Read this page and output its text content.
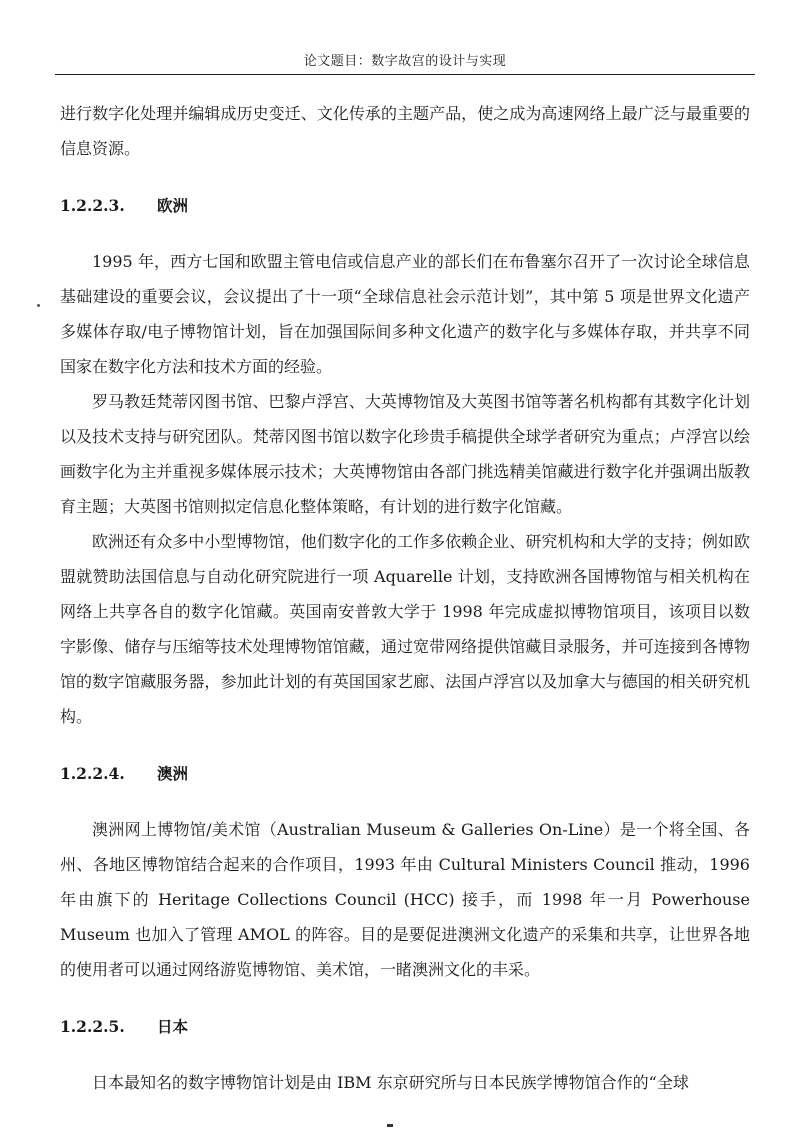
论文题目：数字故宫的设计与实现

进行数字化处理并编辑成历史变迁、文化传承的主题产品，使之成为高速网络上最广泛与最重要的信息资源。

1.2.2.3. 欧洲

1995 年，西方七国和欧盟主管电信或信息产业的部长们在布鲁塞尔召开了一次讨论全球信息基础建设的重要会议，会议提出了十一项“全球信息社会示范计划”，其中第 5 项是世界文化遗产多媒体存取/电子博物馆计划，旨在加强国际间多种文化遗产的数字化与多媒体存取，并共享不同国家在数字化方法和技术方面的经验。

罗马教廷梵蒂冈图书馆、巴黎卢浮宫、大英博物馆及大英图书馆等著名机构都有其数字化计划以及技术支持与研究团队。梵蒂冈图书馆以数字化珍贵手稿提供全球学者研究为重点；卢浮宫以绘画数字化为主并重视多媒体展示技术；大英博物馆由各部门挑选精美馆藏进行数字化并强调出版教育主题；大英图书馆则拟定信息化整体策略，有计划的进行数字化馆藏。

欧洲还有众多中小型博物馆，他们数字化的工作多依赖企业、研究机构和大学的支持；例如欧盟就赞助法国信息与自动化研究院进行一项 Aquarelle 计划，支持欧洲各国博物馆与相关机构在网络上共享各自的数字化馆藏。英国南安普敦大学于 1998 年完成虚拟博物馆项目，该项目以数字影像、储存与压缩等技术处理博物馆馆藏，通过宽带网络提供馆藏目录服务，并可连接到各博物馆的数字馆藏服务器，参加此计划的有英国国家艺廊、法国卢浮宫以及加拿大与德国的相关研究机构。

1.2.2.4. 澳洲

澳洲网上博物馆/美术馆（Australian Museum & Galleries On-Line）是一个将全国、各州、各地区博物馆结合起来的合作项目，1993 年由 Cultural Ministers Council 推动，1996 年由旗下的 Heritage Collections Council (HCC) 接手，而 1998 年一月 Powerhouse Museum 也加入了管理 AMOL 的阵容。目的是要促进澳洲文化遗产的采集和共享，让世界各地的使用者可以通过网络游览博物馆、美术馆，一睹澳洲文化的丰采。

1.2.2.5. 日本

日本最知名的数字博物馆计划是由 IBM 东京研究所与日本民族学博物馆合作的“全球
